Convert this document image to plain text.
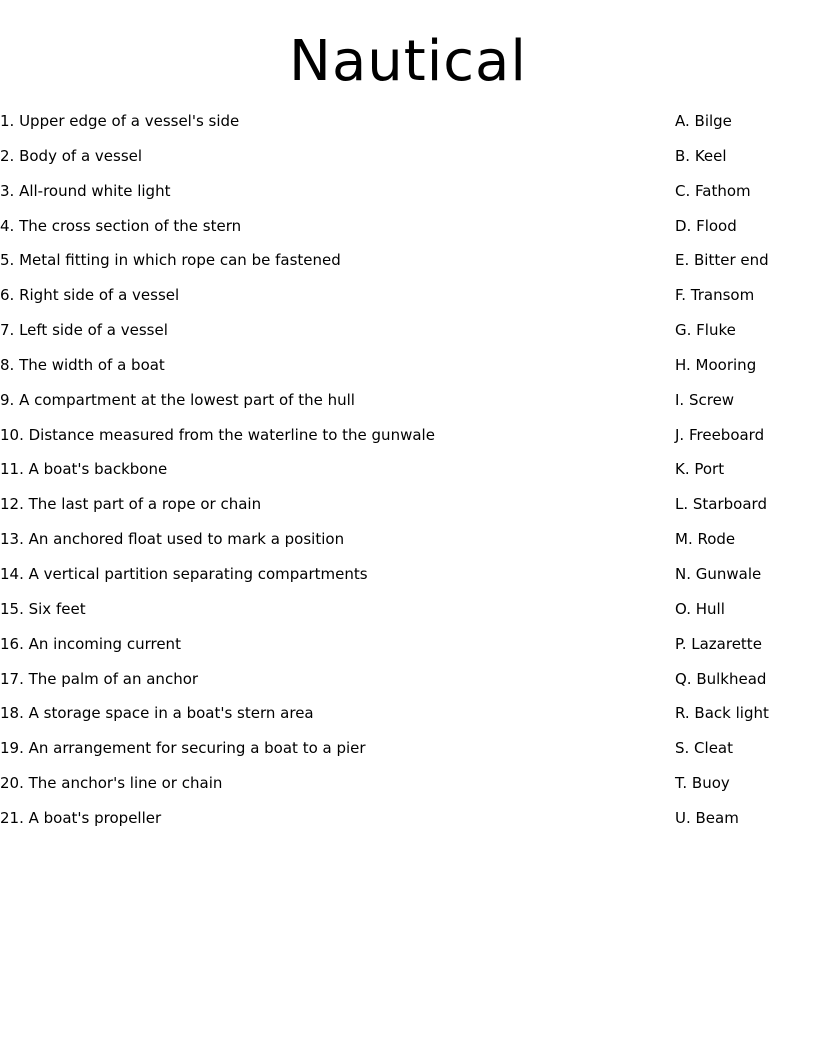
Nautical
1. Upper edge of a vessel's side	A. Bilge
2. Body of a vessel	B. Keel
3. All-round white light	C. Fathom
4. The cross section of the stern	D. Flood
5. Metal fitting in which rope can be fastened	E. Bitter end
6. Right side of a vessel	F. Transom
7. Left side of a vessel	G. Fluke
8. The width of a boat	H. Mooring
9. A compartment at the lowest part of the hull	I. Screw
10. Distance measured from the waterline to the gunwale	J. Freeboard
11. A boat's backbone	K. Port
12. The last part of a rope or chain	L. Starboard
13. An anchored float used to mark a position	M. Rode
14. A vertical partition separating compartments	N. Gunwale
15. Six feet	O. Hull
16. An incoming current	P. Lazarette
17. The palm of an anchor	Q. Bulkhead
18. A storage space in a boat's stern area	R. Back light
19. An arrangement for securing a boat to a pier	S. Cleat
20. The anchor's line or chain	T. Buoy
21. A boat's propeller	U. Beam
